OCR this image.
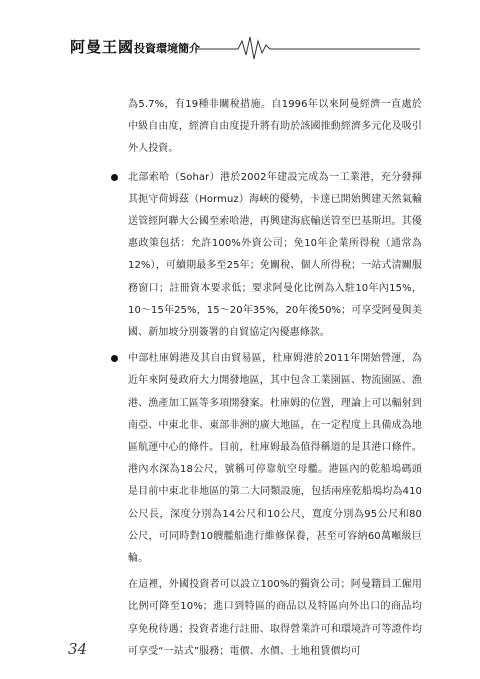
阿曼王國投資環境簡介

為5.7%，有19種非關稅措施。自1996年以來阿曼經濟一直處於中級自由度，經濟自由度提升將有助於該國推動經濟多元化及吸引外人投資。

北部索哈（Sohar）港於2002年建設完成為一工業港，充分發揮其扼守荷姆茲（Hormuz）海峽的優勢，卡達已開始興建天然氣輸送管經阿聯大公國至索哈港，再興建海底輸送管至巴基斯坦。其優惠政策包括：允許100%外資公司；免10年企業所得稅（通常為12%），可續期最多至25年；免關稅、個人所得稅；一站式清關服務窗口；註冊資本要求低；要求阿曼化比例為入駐10年內15%，10～15年25%，15～20年35%，20年後50%；可享受阿曼與美國、新加坡分別簽署的自貿協定內優惠條款。

中部杜庫姆港及其自由貿易區，杜庫姆港於2011年開始營運，為近年來阿曼政府大力開發地區，其中包含工業園區、物流園區、漁港、漁產加工區等多項開發案。杜庫姆的位置，理論上可以輻射到南亞、中東北非、東部非洲的廣大地區，在一定程度上具備成為地區航運中心的條件。目前，杜庫姆最為值得稱道的是其港口條件。港內水深為18公尺，號稱可停靠航空母艦。港區內的乾船塢碼頭是目前中東北非地區的第二大同類設施，包括兩座乾船塢均為410公尺長，深度分別為14公尺和10公尺，寬度分別為95公尺和80公尺，可同時對10艘艦船進行維修保養，甚至可容納60萬噸級巨輪。

在這裡，外國投資者可以設立100%的獨資公司；阿曼籍員工僱用比例可降至10%；進口到特區的商品以及特區向外出口的商品均享免稅待遇；投資者進行註冊、取得營業許可和環境許可等證件均可享受“一站式”服務；電價、水價、土地租賃價均可

34
